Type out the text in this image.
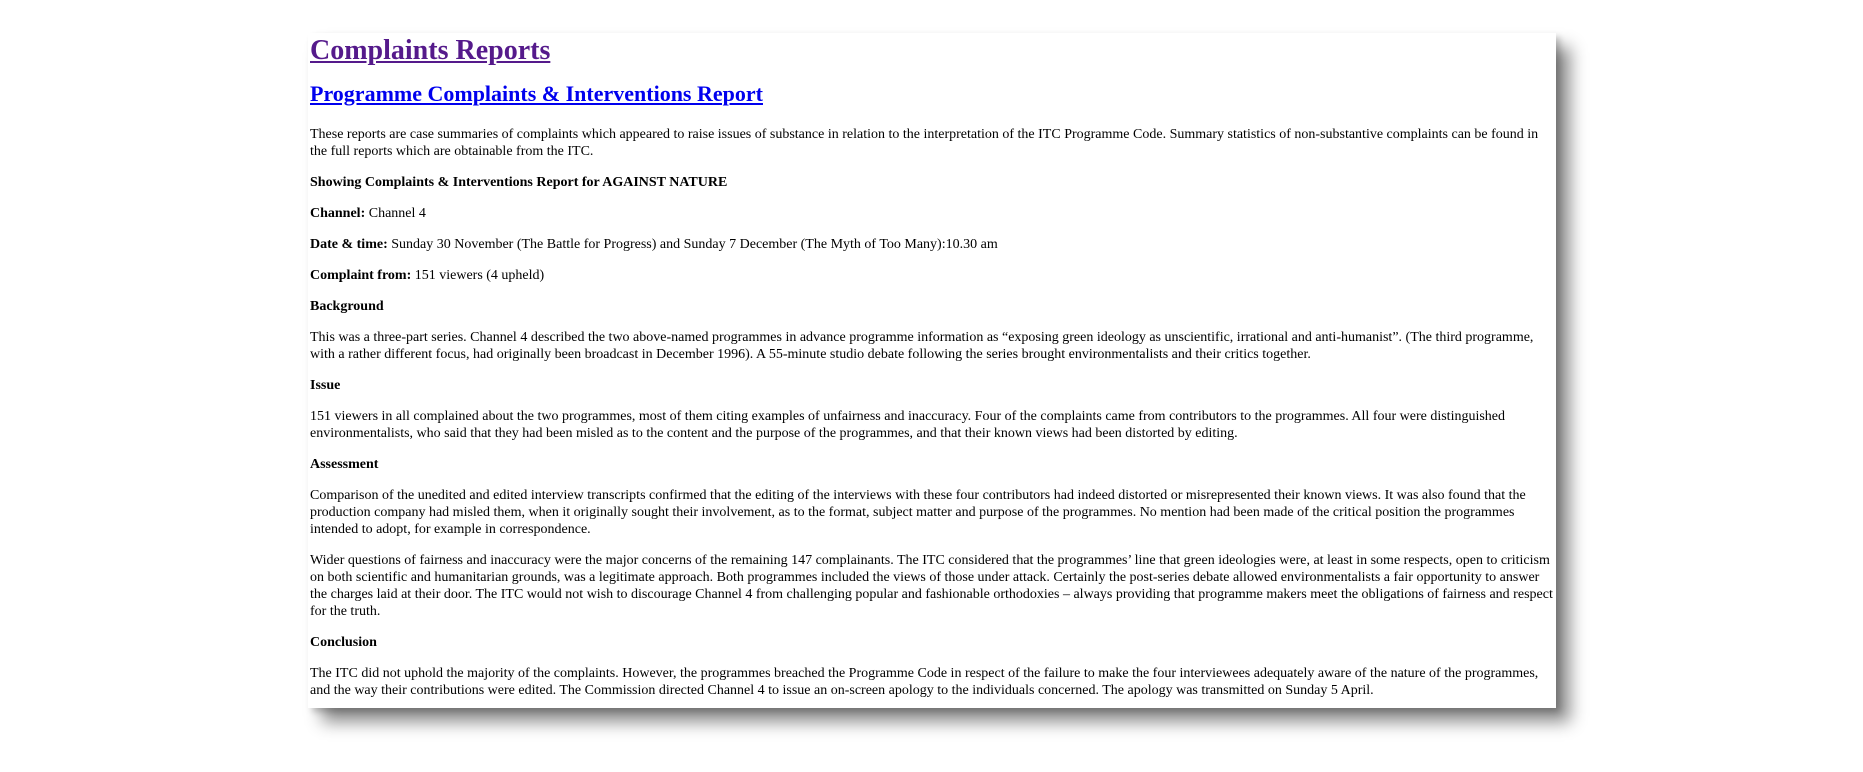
Complaints Reports
Programme Complaints & Interventions Report

These reports are case summaries of complaints which appeared to raise issues of substance in relation to the interpretation of the ITC Programme Code. Summary statistics of non-substantive complaints can be found in the full reports which are obtainable from the ITC.

Showing Complaints & Interventions Report for AGAINST NATURE

Channel: Channel 4

Date & time: Sunday 30 November (The Battle for Progress) and Sunday 7 December (The Myth of Too Many):10.30 am

Complaint from: 151 viewers (4 upheld)

Background

This was a three-part series. Channel 4 described the two above-named programmes in advance programme information as “exposing green ideology as unscientific, irrational and anti-humanist”. (The third programme, with a rather different focus, had originally been broadcast in December 1996). A 55-minute studio debate following the series brought environmentalists and their critics together.

Issue

151 viewers in all complained about the two programmes, most of them citing examples of unfairness and inaccuracy. Four of the complaints came from contributors to the programmes. All four were distinguished environmentalists, who said that they had been misled as to the content and the purpose of the programmes, and that their known views had been distorted by editing.

Assessment

Comparison of the unedited and edited interview transcripts confirmed that the editing of the interviews with these four contributors had indeed distorted or misrepresented their known views. It was also found that the production company had misled them, when it originally sought their involvement, as to the format, subject matter and purpose of the programmes. No mention had been made of the critical position the programmes intended to adopt, for example in correspondence.

Wider questions of fairness and inaccuracy were the major concerns of the remaining 147 complainants. The ITC considered that the programmes’ line that green ideologies were, at least in some respects, open to criticism on both scientific and humanitarian grounds, was a legitimate approach. Both programmes included the views of those under attack. Certainly the post-series debate allowed environmentalists a fair opportunity to answer the charges laid at their door. The ITC would not wish to discourage Channel 4 from challenging popular and fashionable orthodoxies – always providing that programme makers meet the obligations of fairness and respect for the truth.

Conclusion

The ITC did not uphold the majority of the complaints. However, the programmes breached the Programme Code in respect of the failure to make the four interviewees adequately aware of the nature of the programmes, and the way their contributions were edited. The Commission directed Channel 4 to issue an on-screen apology to the individuals concerned. The apology was transmitted on Sunday 5 April.
